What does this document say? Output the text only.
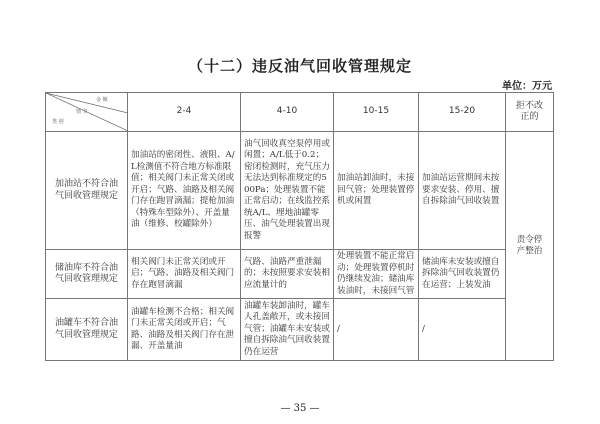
（十二）违反油气回收管理规定
单位：万元
金 额
情 节
类 别	2-4	4-10	10-15	15-20	拒不改正的
加油站不符合油气回收管理规定	加油站的密闭性、液阻、A/L检测值不符合地方标准限值；相关阀门未正常关闭或开启；气路、油路及相关阀门存在跑冒滴漏；提枪加油（特殊车型除外）、开盖量油（维修、校罐除外）	油气回收真空泵停用或闲置；A/L低于0.2；密闭检测时，充气压力无法达到标准规定的500Pa；处理装置不能正常启动；在线监控系统A/L、埋地油罐零压、油气处理装置出现报警	加油站卸油时，未接回气管；处理装置停机或闲置	加油站运营期间未按要求安装、停用、擅自拆除油气回收装置	责令停产整治
储油库不符合油气回收管理规定	相关阀门未正常关闭或开启；气路、油路及相关阀门存在跑冒滴漏	气路、油路严重泄漏的；未按照要求安装相应流量计的	处理装置不能正常启动；处理装置停机时仍继续发油；储油库装油时，未接回气管	储油库未安装或擅自拆除油气回收装置仍在运营；上装发油	
油罐车不符合油气回收管理规定	油罐车检测不合格；相关阀门未正常关闭或开启；气路、油路及相关阀门存在泄漏、开盖量油	油罐车装卸油时，罐车人孔盖敞开，或未接回气管；油罐车未安装或擅自拆除油气回收装置仍在运营	/	/	
— 35 —
